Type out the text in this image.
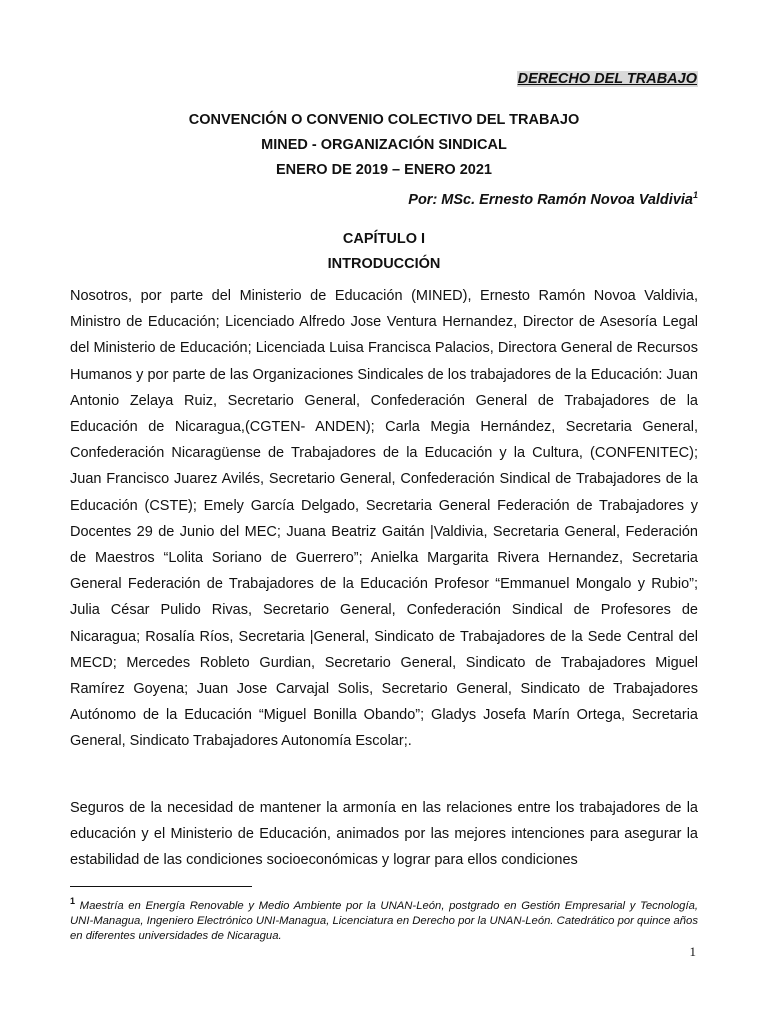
DERECHO DEL TRABAJO
CONVENCIÓN O CONVENIO COLECTIVO DEL TRABAJO
MINED - ORGANIZACIÓN SINDICAL
ENERO DE 2019 – ENERO 2021
Por: MSc. Ernesto Ramón Novoa Valdivia$^1$
CAPÍTULO I
INTRODUCCIÓN

Nosotros, por parte del Ministerio de Educación (MINED), Ernesto Ramón Novoa Valdivia, Ministro de Educación; Licenciado Alfredo Jose Ventura Hernandez, Director de Asesoría Legal del Ministerio de Educación; Licenciada Luisa Francisca Palacios, Directora General de Recursos Humanos y por parte de las Organizaciones Sindicales de los trabajadores de la Educación: Juan Antonio Zelaya Ruiz, Secretario General, Confederación General de Trabajadores de la Educación de Nicaragua,(CGTEN- ANDEN); Carla Megia Hernández, Secretaria General, Confederación Nicaragüense de Trabajadores de la Educación y la Cultura, (CONFENITEC); Juan Francisco Juarez Avilés, Secretario General, Confederación Sindical de Trabajadores de la Educación (CSTE); Emely García Delgado, Secretaria General Federación de Trabajadores y Docentes 29 de Junio del MEC; Juana Beatriz Gaitán |Valdivia, Secretaria General, Federación de Maestros “Lolita Soriano de Guerrero”; Anielka Margarita Rivera Hernandez, Secretaria General Federación de Trabajadores de la Educación Profesor “Emmanuel Mongalo y Rubio”; Julia César Pulido Rivas, Secretario General, Confederación Sindical de Profesores de Nicaragua; Rosalía Ríos, Secretaria |General, Sindicato de Trabajadores de la Sede Central del MECD; Mercedes Robleto Gurdian, Secretario General, Sindicato de Trabajadores Miguel Ramírez Goyena; Juan Jose Carvajal Solis, Secretario General, Sindicato de Trabajadores Autónomo de la Educación “Miguel Bonilla Obando”; Gladys Josefa Marín Ortega, Secretaria General, Sindicato Trabajadores Autonomía Escolar;.

Seguros de la necesidad de mantener la armonía en las relaciones entre los trabajadores de la educación y el Ministerio de Educación, animados por las mejores intenciones para asegurar la estabilidad de las condiciones socioeconómicas y lograr para ellos condiciones

$^1$ Maestría en Energía Renovable y Medio Ambiente por la UNAN-León, postgrado en Gestión Empresarial y Tecnología, UNI-Managua, Ingeniero Electrónico UNI-Managua, Licenciatura en Derecho por la UNAN-León. Catedrático por quince años en diferentes universidades de Nicaragua.

1
